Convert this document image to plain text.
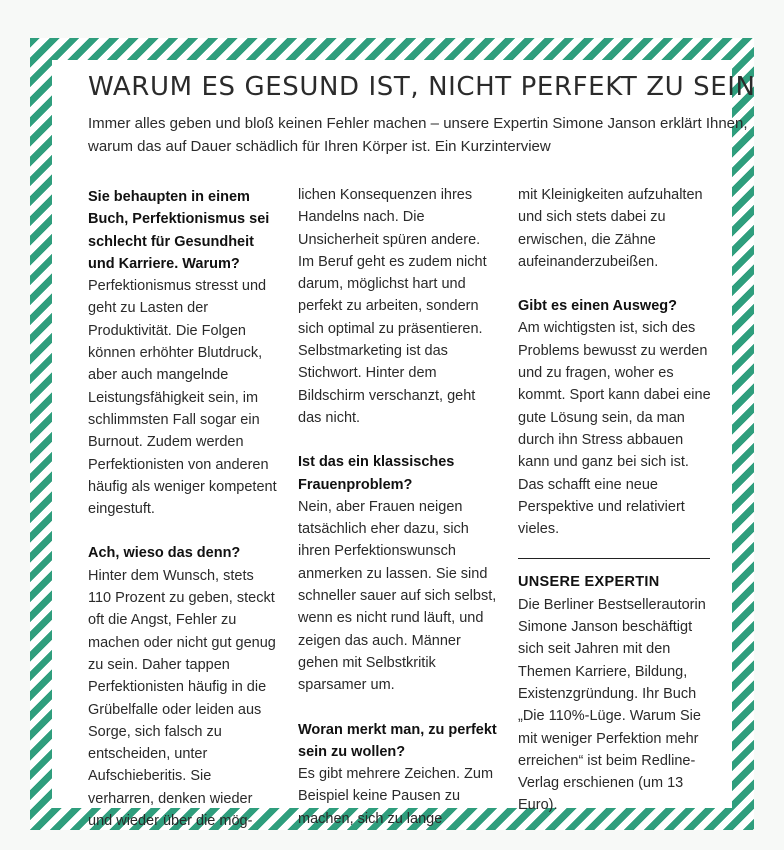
WARUM ES GESUND IST, NICHT PERFEKT ZU SEIN
Immer alles geben und bloß keinen Fehler machen – unsere Expertin Simone Janson erklärt Ihnen, warum das auf Dauer schädlich für Ihren Körper ist. Ein Kurzinterview

Sie behaupten in einem Buch, Perfektionismus sei schlecht für Gesundheit und Karriere. Warum?

Perfektionismus stresst und geht zu Lasten der Produktivität. Die Folgen können erhöhter Blutdruck, aber auch mangelnde Leistungsfähigkeit sein, im schlimmsten Fall sogar ein Burnout. Zudem werden Perfektionisten von anderen häufig als weniger kompetent eingestuft.

Ach, wieso das denn?

Hinter dem Wunsch, stets 110 Prozent zu geben, steckt oft die Angst, Fehler zu machen oder nicht gut genug zu sein. Daher tappen Perfektionisten häufig in die Grübelfalle oder leiden aus Sorge, sich falsch zu entscheiden, unter Aufschieberitis. Sie verharren, denken wieder und wieder über die mög-

lichen Konsequenzen ihres Handelns nach. Die Unsicherheit spüren andere. Im Beruf geht es zudem nicht darum, möglichst hart und perfekt zu arbeiten, sondern sich optimal zu präsentieren. Selbstmarketing ist das Stichwort. Hinter dem Bildschirm verschanzt, geht das nicht.

Ist das ein klassisches Frauenproblem?

Nein, aber Frauen neigen tatsächlich eher dazu, sich ihren Perfektionswunsch anmerken zu lassen. Sie sind schneller sauer auf sich selbst, wenn es nicht rund läuft, und zeigen das auch. Männer gehen mit Selbstkritik sparsamer um.

Woran merkt man, zu perfekt sein zu wollen?

Es gibt mehrere Zeichen. Zum Beispiel keine Pausen zu machen, sich zu lange

mit Kleinigkeiten aufzuhalten und sich stets dabei zu erwischen, die Zähne aufeinanderzubeißen.

Gibt es einen Ausweg?

Am wichtigsten ist, sich des Problems bewusst zu werden und zu fragen, woher es kommt. Sport kann dabei eine gute Lösung sein, da man durch ihn Stress abbauen kann und ganz bei sich ist. Das schafft eine neue Perspektive und relativiert vieles.

UNSERE EXPERTIN

Die Berliner Bestsellerautorin Simone Janson beschäftigt sich seit Jahren mit den Themen Karriere, Bildung, Existenzgründung. Ihr Buch „Die 110%-Lüge. Warum Sie mit weniger Perfektion mehr erreichen“ ist beim Redline-Verlag erschienen (um 13 Euro).
